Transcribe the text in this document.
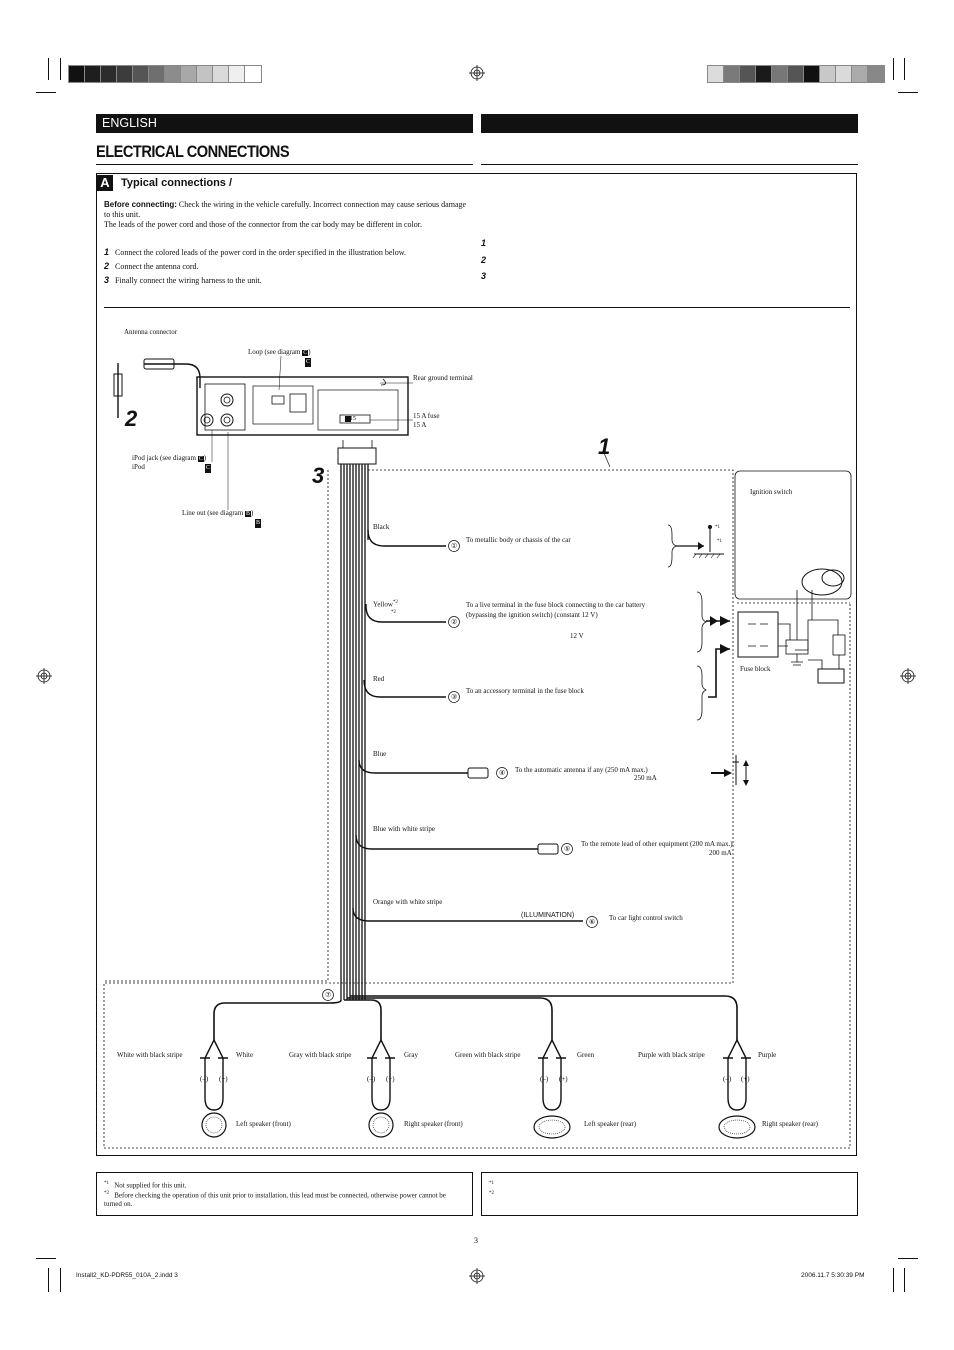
ENGLISH
ELECTRICAL CONNECTIONS
A	Typical connections /
Before connecting: Check the wiring in the vehicle carefully. Incorrect connection may cause serious damage to this unit.
The leads of the power cord and those of the connector from the car body may be different in color.
1 Connect the colored leads of the power cord in the order specified in the illustration below.
2 Connect the antenna cord.
3 Finally connect the wiring harness to the unit.
1
2
3
Antenna connector
Loop (see diagram C)
C
Rear ground terminal
15 A fuse
15 A
15
iPod jack (see diagram C)
iPod	C
Line out (see diagram B)
B
1
2
3
Ignition switch
Fuse block
*1
*1
Black
①
To metallic body or chassis of the car
Yellow$^{*2}$
*2
②
To a live terminal in the fuse block connecting to the car battery
(bypassing the ignition switch) (constant 12 V)
12 V
Red
③
To an accessory terminal in the fuse block
Blue
④ To the automatic antenna if any (250 mA max.)
250 mA
Blue with white stripe
⑤
To the remote lead of other equipment (200 mA max.)
200 mA
Orange with white stripe
(ILLUMINATION)
⑥ To car light control switch
⑦
White with black stripe	White
(–) (+)
Left speaker (front)
Gray with black stripe	Gray
(–) (+)
Right speaker (front)
Green with black stripe	Green
(–) (+)
Left speaker (rear)
Purple with black stripe	Purple
(–) (+)
Right speaker (rear)
$^{*1}$ Not supplied for this unit.
$^{*2}$ Before checking the operation of this unit prior to installation, this lead must be connected, otherwise power cannot be turned on.
$^{*1}$
$^{*2}$
3
Install2_KD-PDR55_010A_2.indd 3	2006.11.7 5:30:39 PM
